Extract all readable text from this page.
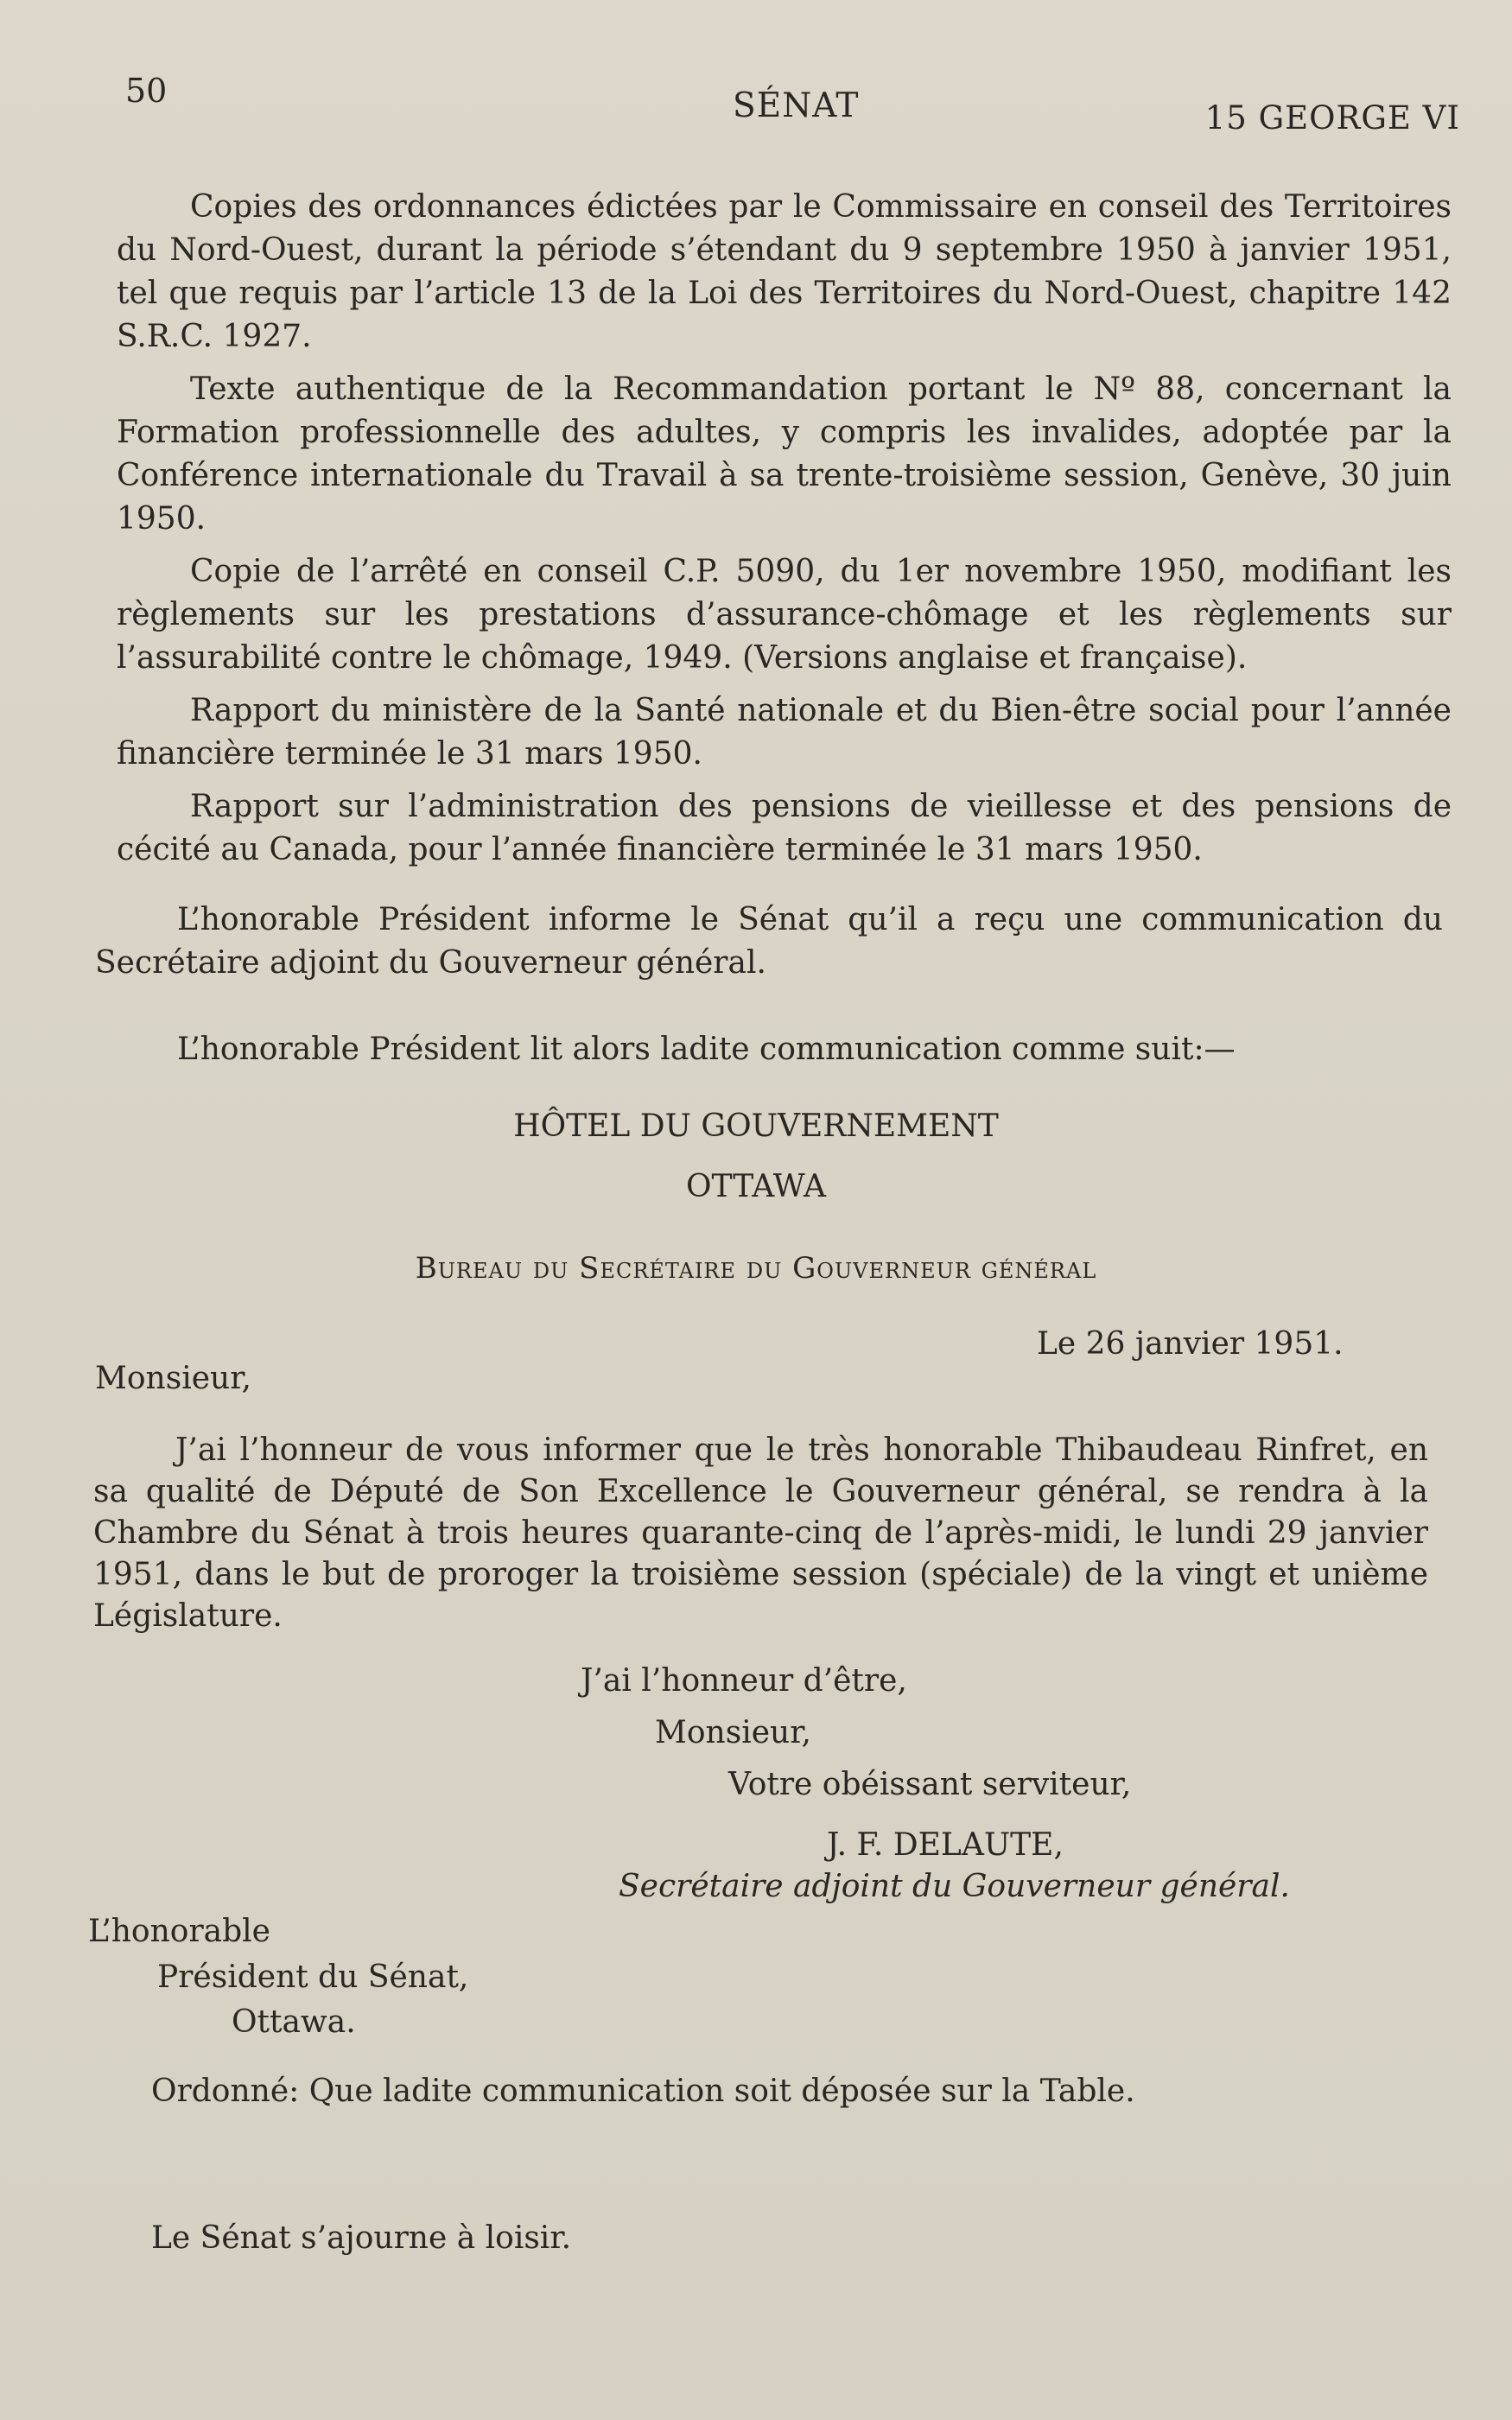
50	SÉNAT	15 GEORGE VI

Copies des ordonnances édictées par le Commissaire en conseil des Territoires du Nord-Ouest, durant la période s’étendant du 9 septembre 1950 à janvier 1951, tel que requis par l’article 13 de la Loi des Territoires du Nord-Ouest, chapitre 142 S.R.C. 1927.

Texte authentique de la Recommandation portant le Nº 88, concernant la Formation professionnelle des adultes, y compris les invalides, adoptée par la Conférence internationale du Travail à sa trente-troisième session, Genève, 30 juin 1950.

Copie de l’arrêté en conseil C.P. 5090, du 1er novembre 1950, modifiant les règlements sur les prestations d’assurance-chômage et les règlements sur l’assurabilité contre le chômage, 1949. (Versions anglaise et française).

Rapport du ministère de la Santé nationale et du Bien-être social pour l’année financière terminée le 31 mars 1950.

Rapport sur l’administration des pensions de vieillesse et des pensions de cécité au Canada, pour l’année financière terminée le 31 mars 1950.

L’honorable Président informe le Sénat qu’il a reçu une communication du Secrétaire adjoint du Gouverneur général.

L’honorable Président lit alors ladite communication comme suit:—

HÔTEL DU GOUVERNEMENT
OTTAWA
Bureau du Secrétaire du Gouverneur général
Le 26 janvier 1951.
Monsieur,

J’ai l’honneur de vous informer que le très honorable Thibaudeau Rinfret, en sa qualité de Député de Son Excellence le Gouverneur général, se rendra à la Chambre du Sénat à trois heures quarante-cinq de l’après-midi, le lundi 29 janvier 1951, dans le but de proroger la troisième session (spéciale) de la vingt et unième Législature.

J’ai l’honneur d’être,
Monsieur,
Votre obéissant serviteur,
J. F. DELAUTE,
Secrétaire adjoint du Gouverneur général.
L’honorable
Président du Sénat,
Ottawa.
Ordonné: Que ladite communication soit déposée sur la Table.
Le Sénat s’ajourne à loisir.
